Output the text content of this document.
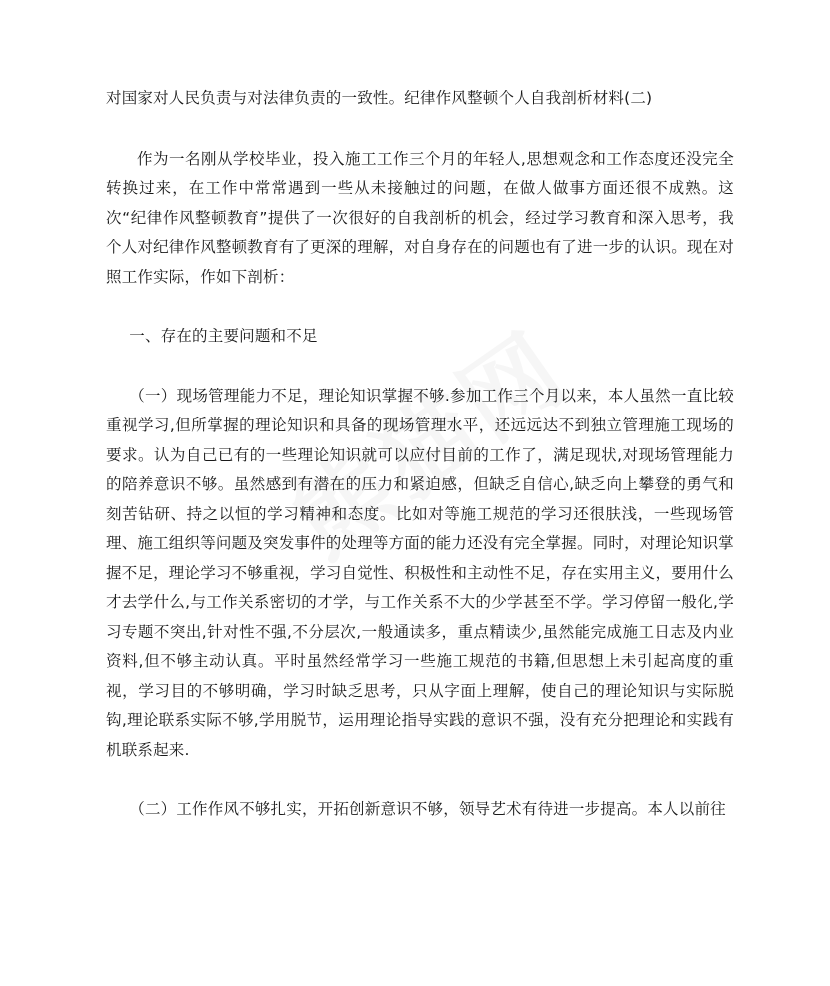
对国家对人民负责与对法律负责的一致性。纪律作风整顿个人自我剖析材料(二)

作为一名刚从学校毕业，投入施工工作三个月的年轻人,思想观念和工作态度还没完全转换过来，在工作中常常遇到一些从未接触过的问题，在做人做事方面还很不成熟。这次“纪律作风整顿教育”提供了一次很好的自我剖析的机会，经过学习教育和深入思考，我个人对纪律作风整顿教育有了更深的理解，对自身存在的问题也有了进一步的认识。现在对照工作实际，作如下剖析：

一、存在的主要问题和不足

（一）现场管理能力不足，理论知识掌握不够.参加工作三个月以来，本人虽然一直比较重视学习,但所掌握的理论知识和具备的现场管理水平，还远远达不到独立管理施工现场的要求。认为自己已有的一些理论知识就可以应付目前的工作了，满足现状,对现场管理能力的陪养意识不够。虽然感到有潜在的压力和紧迫感，但缺乏自信心,缺乏向上攀登的勇气和刻苦钻研、持之以恒的学习精神和态度。比如对等施工规范的学习还很肤浅，一些现场管理、施工组织等问题及突发事件的处理等方面的能力还没有完全掌握。同时，对理论知识掌握不足，理论学习不够重视，学习自觉性、积极性和主动性不足，存在实用主义，要用什么才去学什么,与工作关系密切的才学，与工作关系不大的少学甚至不学。学习停留一般化,学习专题不突出,针对性不强,不分层次,一般通读多，重点精读少,虽然能完成施工日志及内业资料,但不够主动认真。平时虽然经常学习一些施工规范的书籍,但思想上未引起高度的重视，学习目的不够明确，学习时缺乏思考，只从字面上理解，使自己的理论知识与实际脱钩,理论联系实际不够,学用脱节，运用理论指导实践的意识不强，没有充分把理论和实践有机联系起来.

（二）工作作风不够扎实，开拓创新意识不够，领导艺术有待进一步提高。本人以前往
